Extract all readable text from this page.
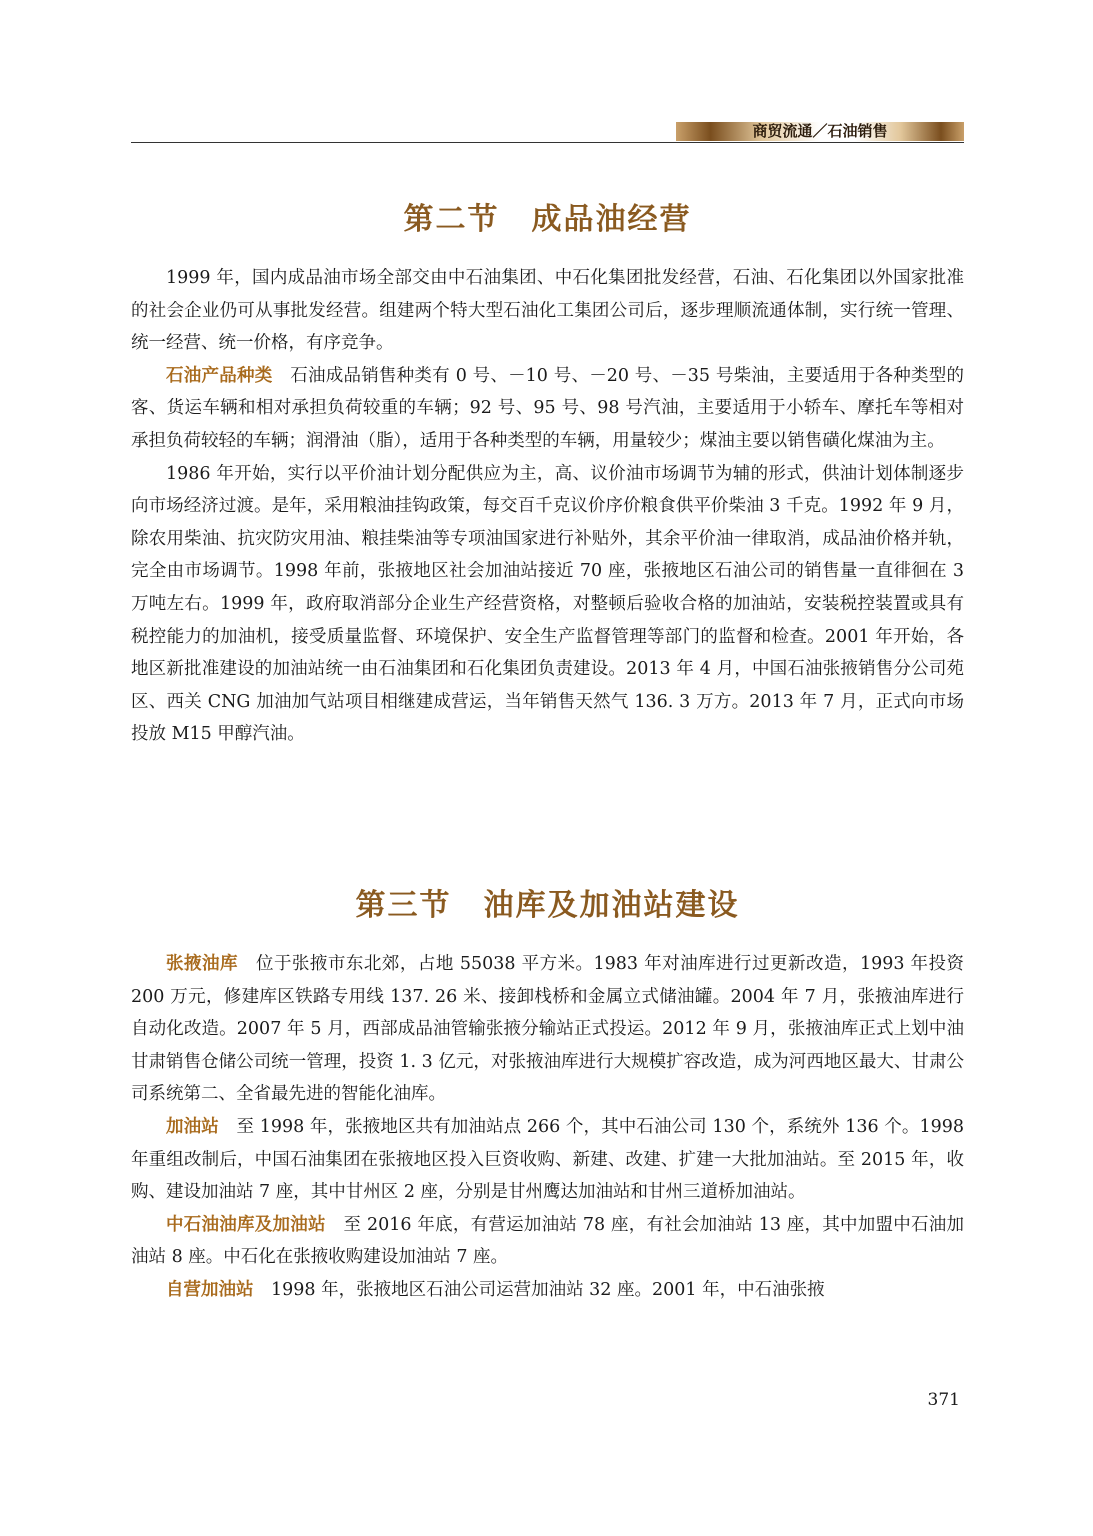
商贸流通／石油销售
第二节　成品油经营

1999 年，国内成品油市场全部交由中石油集团、中石化集团批发经营，石油、石化集团以外国家批准的社会企业仍可从事批发经营。组建两个特大型石油化工集团公司后，逐步理顺流通体制，实行统一管理、统一经营、统一价格，有序竞争。

石油产品种类　 石油成品销售种类有 0 号、－10 号、－20 号、－35 号柴油，主要适用于各种类型的客、货运车辆和相对承担负荷较重的车辆；92 号、95 号、98 号汽油，主要适用于小轿车、摩托车等相对承担负荷较轻的车辆；润滑油（脂），适用于各种类型的车辆，用量较少；煤油主要以销售磺化煤油为主。

1986 年开始，实行以平价油计划分配供应为主，高、议价油市场调节为辅的形式，供油计划体制逐步向市场经济过渡。是年，采用粮油挂钩政策，每交百千克议价序价粮食供平价柴油 3 千克。1992 年 9 月，除农用柴油、抗灾防灾用油、粮挂柴油等专项油国家进行补贴外，其余平价油一律取消，成品油价格并轨，完全由市场调节。1998 年前，张掖地区社会加油站接近 70 座，张掖地区石油公司的销售量一直徘徊在 3 万吨左右。1999 年，政府取消部分企业生产经营资格，对整顿后验收合格的加油站，安装税控装置或具有税控能力的加油机，接受质量监督、环境保护、安全生产监督管理等部门的监督和检查。2001 年开始，各地区新批准建设的加油站统一由石油集团和石化集团负责建设。2013 年 4 月，中国石油张掖销售分公司苑区、西关 CNG 加油加气站项目相继建成营运，当年销售天然气 136. 3 万方。2013 年 7 月，正式向市场投放 M15 甲醇汽油。

第三节　油库及加油站建设

张掖油库　 位于张掖市东北郊，占地 55038 平方米。1983 年对油库进行过更新改造，1993 年投资 200 万元，修建库区铁路专用线 137. 26 米、接卸栈桥和金属立式储油罐。2004 年 7 月，张掖油库进行自动化改造。2007 年 5 月，西部成品油管输张掖分输站正式投运。2012 年 9 月，张掖油库正式上划中油甘肃销售仓储公司统一管理，投资 1. 3 亿元，对张掖油库进行大规模扩容改造，成为河西地区最大、甘肃公司系统第二、全省最先进的智能化油库。

加油站　 至 1998 年，张掖地区共有加油站点 266 个，其中石油公司 130 个，系统外 136 个。1998 年重组改制后，中国石油集团在张掖地区投入巨资收购、新建、改建、扩建一大批加油站。至 2015 年，收购、建设加油站 7 座，其中甘州区 2 座，分别是甘州鹰达加油站和甘州三道桥加油站。

中石油油库及加油站　 至 2016 年底，有营运加油站 78 座，有社会加油站 13 座，其中加盟中石油加油站 8 座。中石化在张掖收购建设加油站 7 座。

自营加油站　 1998 年，张掖地区石油公司运营加油站 32 座。2001 年，中石油张掖

371
